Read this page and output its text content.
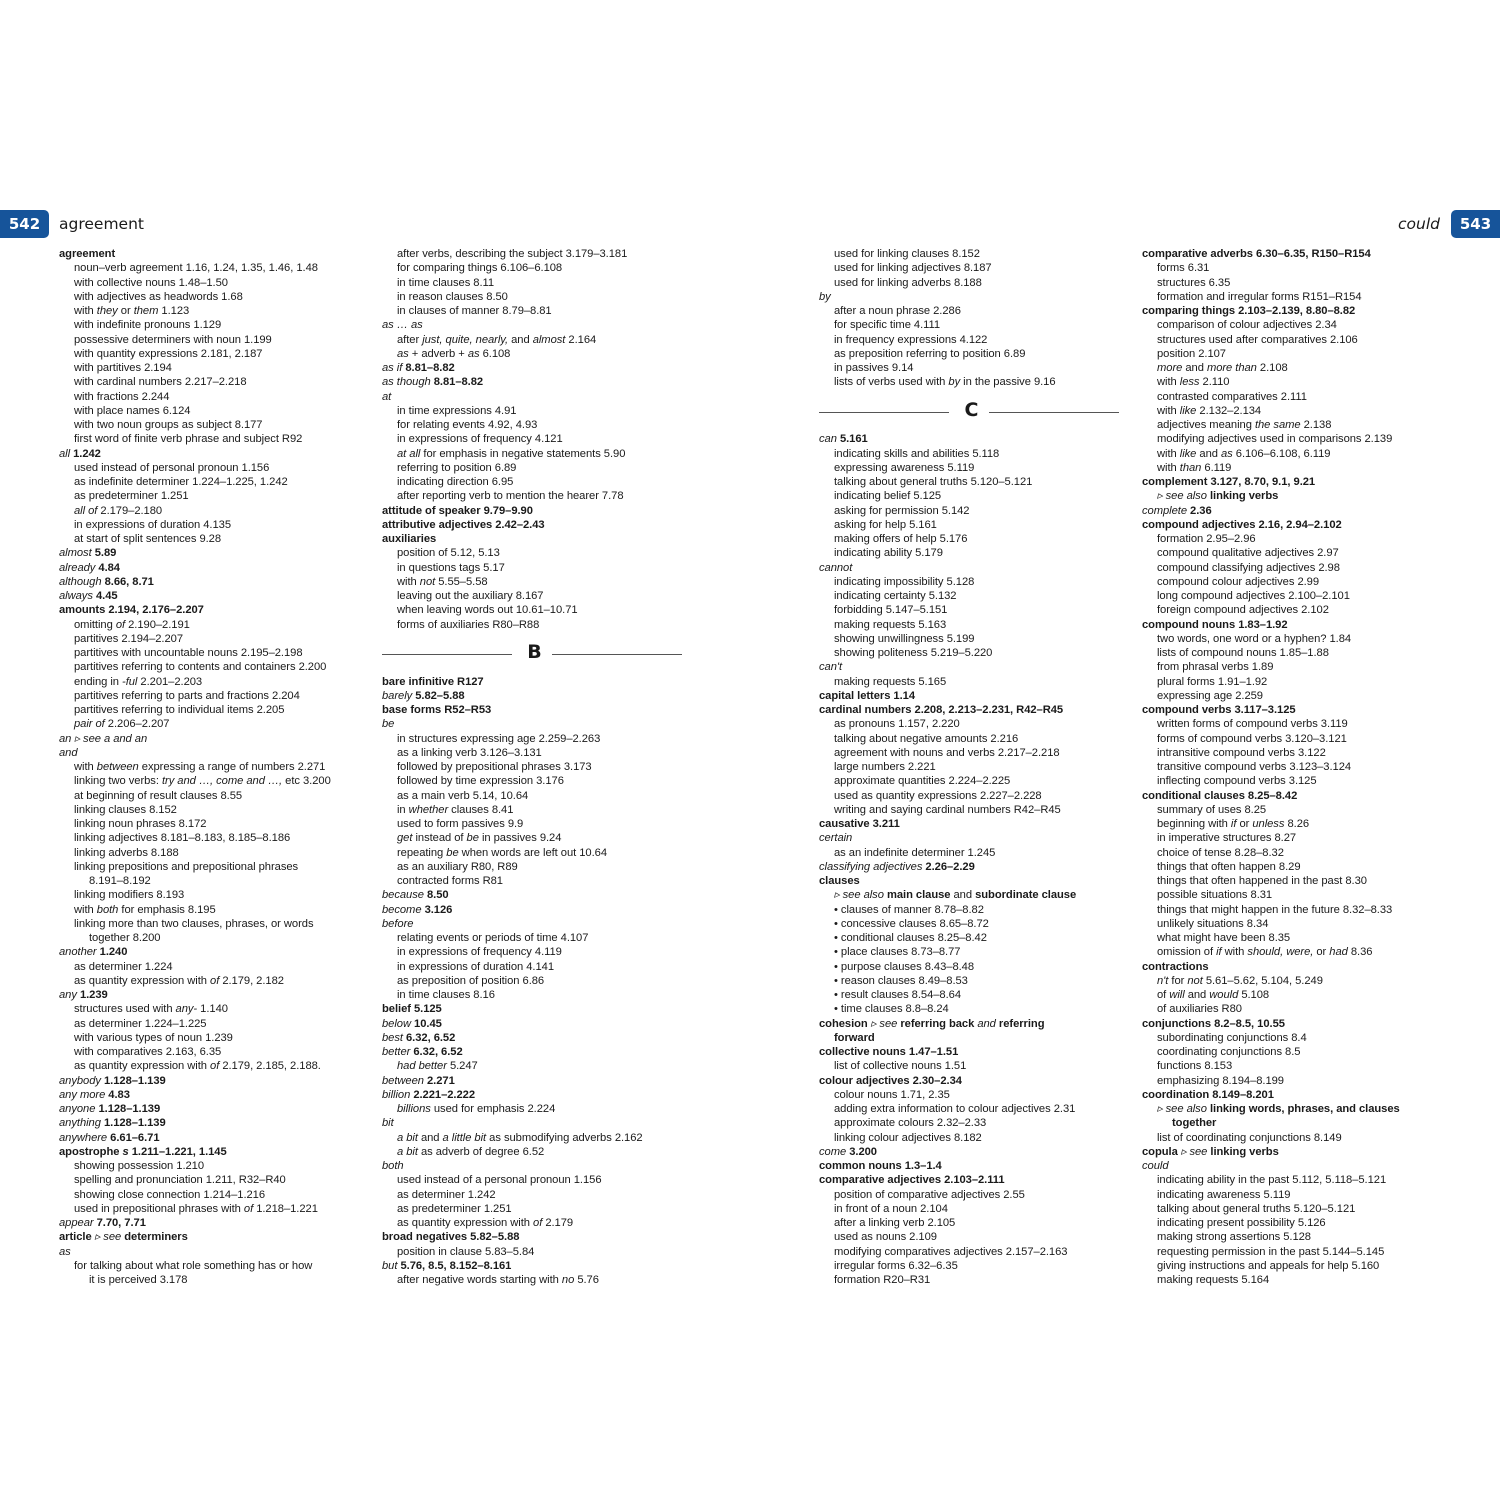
542	agreement	could	543
agreement
noun–verb agreement 1.16, 1.24, 1.35, 1.46, 1.48
with collective nouns 1.48–1.50
with adjectives as headwords 1.68
with they or them 1.123
with indefinite pronouns 1.129
possessive determiners with noun 1.199
with quantity expressions 2.181, 2.187
with partitives 2.194
with cardinal numbers 2.217–2.218
with fractions 2.244
with place names 6.124
with two noun groups as subject 8.177
first word of finite verb phrase and subject R92
all 1.242
used instead of personal pronoun 1.156
as indefinite determiner 1.224–1.225, 1.242
as predeterminer 1.251
all of 2.179–2.180
in expressions of duration 4.135
at start of split sentences 9.28
almost 5.89
already 4.84
although 8.66, 8.71
always 4.45
amounts 2.194, 2.176–2.207
omitting of 2.190–2.191
partitives 2.194–2.207
partitives with uncountable nouns 2.195–2.198
partitives referring to contents and containers 2.200
ending in -ful 2.201–2.203
partitives referring to parts and fractions 2.204
partitives referring to individual items 2.205
pair of 2.206–2.207
an ▹ see a and an
and
with between expressing a range of numbers 2.271
linking two verbs: try and …, come and …, etc 3.200
at beginning of result clauses 8.55
linking clauses 8.152
linking noun phrases 8.172
linking adjectives 8.181–8.183, 8.185–8.186
linking adverbs 8.188
linking prepositions and prepositional phrases
8.191–8.192
linking modifiers 8.193
with both for emphasis 8.195
linking more than two clauses, phrases, or words
together 8.200
another 1.240
as determiner 1.224
as quantity expression with of 2.179, 2.182
any 1.239
structures used with any- 1.140
as determiner 1.224–1.225
with various types of noun 1.239
with comparatives 2.163, 6.35
as quantity expression with of 2.179, 2.185, 2.188.
anybody 1.128–1.139
any more 4.83
anyone 1.128–1.139
anything 1.128–1.139
anywhere 6.61–6.71
apostrophe s 1.211–1.221, 1.145
showing possession 1.210
spelling and pronunciation 1.211, R32–R40
showing close connection 1.214–1.216
used in prepositional phrases with of 1.218–1.221
appear 7.70, 7.71
article ▹ see determiners
as
for talking about what role something has or how
it is perceived 3.178
after verbs, describing the subject 3.179–3.181
for comparing things 6.106–6.108
in time clauses 8.11
in reason clauses 8.50
in clauses of manner 8.79–8.81
as … as
after just, quite, nearly, and almost 2.164
as + adverb + as 6.108
as if 8.81–8.82
as though 8.81–8.82
at
in time expressions 4.91
for relating events 4.92, 4.93
in expressions of frequency 4.121
at all for emphasis in negative statements 5.90
referring to position 6.89
indicating direction 6.95
after reporting verb to mention the hearer 7.78
attitude of speaker 9.79–9.90
attributive adjectives 2.42–2.43
auxiliaries
position of 5.12, 5.13
in questions tags 5.17
with not 5.55–5.58
leaving out the auxiliary 8.167
when leaving words out 10.61–10.71
forms of auxiliaries R80–R88
B
bare infinitive R127
barely 5.82–5.88
base forms R52–R53
be
in structures expressing age 2.259–2.263
as a linking verb 3.126–3.131
followed by prepositional phrases 3.173
followed by time expression 3.176
as a main verb 5.14, 10.64
in whether clauses 8.41
used to form passives 9.9
get instead of be in passives 9.24
repeating be when words are left out 10.64
as an auxiliary R80, R89
contracted forms R81
because 8.50
become 3.126
before
relating events or periods of time 4.107
in expressions of frequency 4.119
in expressions of duration 4.141
as preposition of position 6.86
in time clauses 8.16
belief 5.125
below 10.45
best 6.32, 6.52
better 6.32, 6.52
had better 5.247
between 2.271
billion 2.221–2.222
billions used for emphasis 2.224
bit
a bit and a little bit as submodifying adverbs 2.162
a bit as adverb of degree 6.52
both
used instead of a personal pronoun 1.156
as determiner 1.242
as predeterminer 1.251
as quantity expression with of 2.179
broad negatives 5.82–5.88
position in clause 5.83–5.84
but 5.76, 8.5, 8.152–8.161
after negative words starting with no 5.76
used for linking clauses 8.152
used for linking adjectives 8.187
used for linking adverbs 8.188
by
after a noun phrase 2.286
for specific time 4.111
in frequency expressions 4.122
as preposition referring to position 6.89
in passives 9.14
lists of verbs used with by in the passive 9.16
C
can 5.161
indicating skills and abilities 5.118
expressing awareness 5.119
talking about general truths 5.120–5.121
indicating belief 5.125
asking for permission 5.142
asking for help 5.161
making offers of help 5.176
indicating ability 5.179
cannot
indicating impossibility 5.128
indicating certainty 5.132
forbidding 5.147–5.151
making requests 5.163
showing unwillingness 5.199
showing politeness 5.219–5.220
can't
making requests 5.165
capital letters 1.14
cardinal numbers 2.208, 2.213–2.231, R42–R45
as pronouns 1.157, 2.220
talking about negative amounts 2.216
agreement with nouns and verbs 2.217–2.218
large numbers 2.221
approximate quantities 2.224–2.225
used as quantity expressions 2.227–2.228
writing and saying cardinal numbers R42–R45
causative 3.211
certain
as an indefinite determiner 1.245
classifying adjectives 2.26–2.29
clauses
▹ see also main clause and subordinate clause
• clauses of manner 8.78–8.82
• concessive clauses 8.65–8.72
• conditional clauses 8.25–8.42
• place clauses 8.73–8.77
• purpose clauses 8.43–8.48
• reason clauses 8.49–8.53
• result clauses 8.54–8.64
• time clauses 8.8–8.24
cohesion ▹ see referring back and referring
forward
collective nouns 1.47–1.51
list of collective nouns 1.51
colour adjectives 2.30–2.34
colour nouns 1.71, 2.35
adding extra information to colour adjectives 2.31
approximate colours 2.32–2.33
linking colour adjectives 8.182
come 3.200
common nouns 1.3–1.4
comparative adjectives 2.103–2.111
position of comparative adjectives 2.55
in front of a noun 2.104
after a linking verb 2.105
used as nouns 2.109
modifying comparatives adjectives 2.157–2.163
irregular forms 6.32–6.35
formation R20–R31
comparative adverbs 6.30–6.35, R150–R154
forms 6.31
structures 6.35
formation and irregular forms R151–R154
comparing things 2.103–2.139, 8.80–8.82
comparison of colour adjectives 2.34
structures used after comparatives 2.106
position 2.107
more and more than 2.108
with less 2.110
contrasted comparatives 2.111
with like 2.132–2.134
adjectives meaning the same 2.138
modifying adjectives used in comparisons 2.139
with like and as 6.106–6.108, 6.119
with than 6.119
complement 3.127, 8.70, 9.1, 9.21
▹ see also linking verbs
complete 2.36
compound adjectives 2.16, 2.94–2.102
formation 2.95–2.96
compound qualitative adjectives 2.97
compound classifying adjectives 2.98
compound colour adjectives 2.99
long compound adjectives 2.100–2.101
foreign compound adjectives 2.102
compound nouns 1.83–1.92
two words, one word or a hyphen? 1.84
lists of compound nouns 1.85–1.88
from phrasal verbs 1.89
plural forms 1.91–1.92
expressing age 2.259
compound verbs 3.117–3.125
written forms of compound verbs 3.119
forms of compound verbs 3.120–3.121
intransitive compound verbs 3.122
transitive compound verbs 3.123–3.124
inflecting compound verbs 3.125
conditional clauses 8.25–8.42
summary of uses 8.25
beginning with if or unless 8.26
in imperative structures 8.27
choice of tense 8.28–8.32
things that often happen 8.29
things that often happened in the past 8.30
possible situations 8.31
things that might happen in the future 8.32–8.33
unlikely situations 8.34
what might have been 8.35
omission of if with should, were, or had 8.36
contractions
n't for not 5.61–5.62, 5.104, 5.249
of will and would 5.108
of auxiliaries R80
conjunctions 8.2–8.5, 10.55
subordinating conjunctions 8.4
coordinating conjunctions 8.5
functions 8.153
emphasizing 8.194–8.199
coordination 8.149–8.201
▹ see also linking words, phrases, and clauses
together
list of coordinating conjunctions 8.149
copula ▹ see linking verbs
could
indicating ability in the past 5.112, 5.118–5.121
indicating awareness 5.119
talking about general truths 5.120–5.121
indicating present possibility 5.126
making strong assertions 5.128
requesting permission in the past 5.144–5.145
giving instructions and appeals for help 5.160
making requests 5.164
